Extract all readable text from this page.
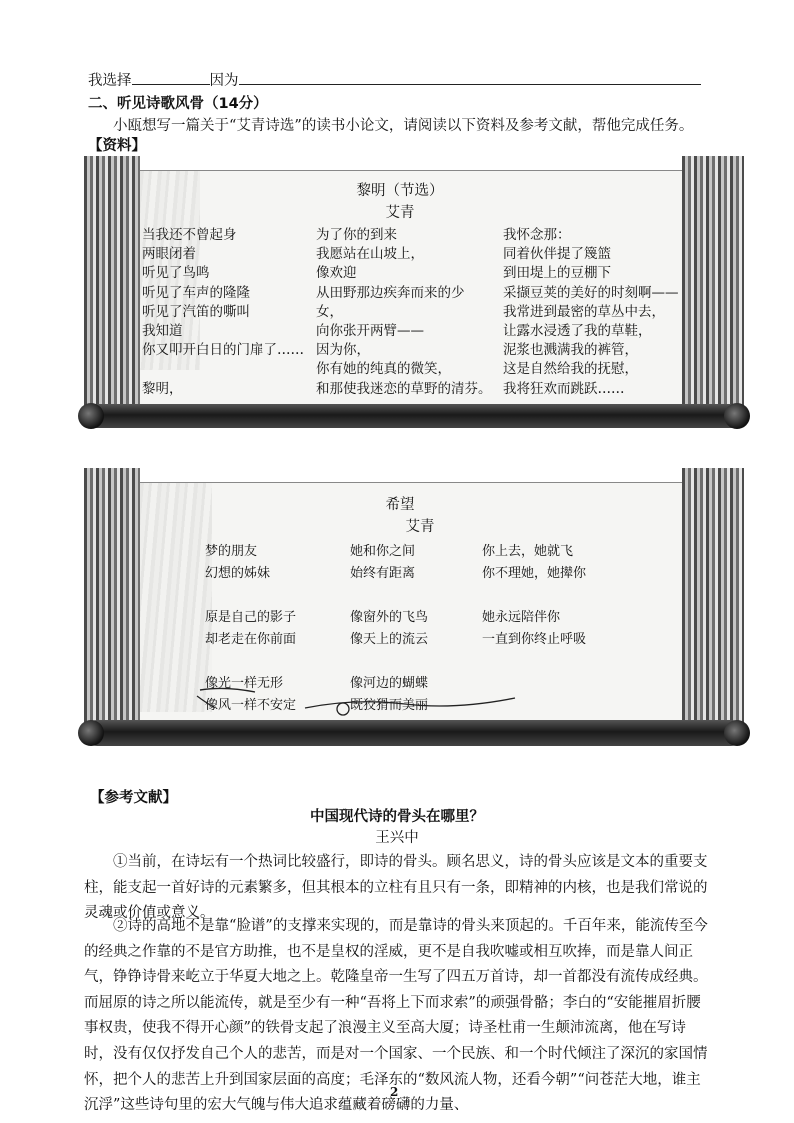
我选择	因为
二、听见诗歌风骨（14分）
小瓯想写一篇关于“艾青诗选”的读书小论文，请阅读以下资料及参考文献，帮他完成任务。
【资料】
黎明（节选）
艾青
当我还不曾起身
两眼闭着
听见了鸟鸣
听见了车声的隆隆
听见了汽笛的嘶叫
我知道
你又叩开白日的门扉了……
黎明，
为了你的到来
我愿站在山坡上，
像欢迎
从田野那边疾奔而来的少
女，
向你张开两臂——
因为你，
你有她的纯真的微笑，
和那使我迷恋的草野的清芬。
我怀念那：
同着伙伴提了篾篮
到田堤上的豆棚下
采撷豆荚的美好的时刻啊——
我常进到最密的草丛中去，
让露水浸透了我的草鞋，
泥浆也溅满我的裤管，
这是自然给我的抚慰，
我将狂欢而跳跃……
希望
艾青
梦的朋友
幻想的姊妹
原是自己的影子
却老走在你前面
像光一样无形
像风一样不安定
她和你之间
始终有距离
像窗外的飞鸟
像天上的流云
像河边的蝴蝶
既狡猾而美丽
你上去，她就飞
你不理她，她撵你
她永远陪伴你
一直到你终止呼吸
【参考文献】
中国现代诗的骨头在哪里？
王兴中

①当前，在诗坛有一个热词比较盛行，即诗的骨头。顾名思义，诗的骨头应该是文本的重要支柱，能支起一首好诗的元素繁多，但其根本的立柱有且只有一条，即精神的内核，也是我们常说的灵魂或价值或意义。

②诗的高地不是靠“脸谱”的支撑来实现的，而是靠诗的骨头来顶起的。千百年来，能流传至今的经典之作靠的不是官方助推，也不是皇权的淫威，更不是自我吹嘘或相互吹捧，而是靠人间正气，铮铮诗骨来屹立于华夏大地之上。乾隆皇帝一生写了四五万首诗，却一首都没有流传成经典。而屈原的诗之所以能流传，就是至少有一种“吾将上下而求索”的顽强骨骼；李白的“安能摧眉折腰事权贵，使我不得开心颜”的铁骨支起了浪漫主义至高大厦；诗圣杜甫一生颠沛流离，他在写诗时，没有仅仅抒发自己个人的悲苦，而是对一个国家、一个民族、和一个时代倾注了深沉的家国情怀，把个人的悲苦上升到国家层面的高度；毛泽东的“数风流人物，还看今朝”“问苍茫大地，谁主沉浮”这些诗句里的宏大气魄与伟大追求蕴藏着磅礴的力量、

2
